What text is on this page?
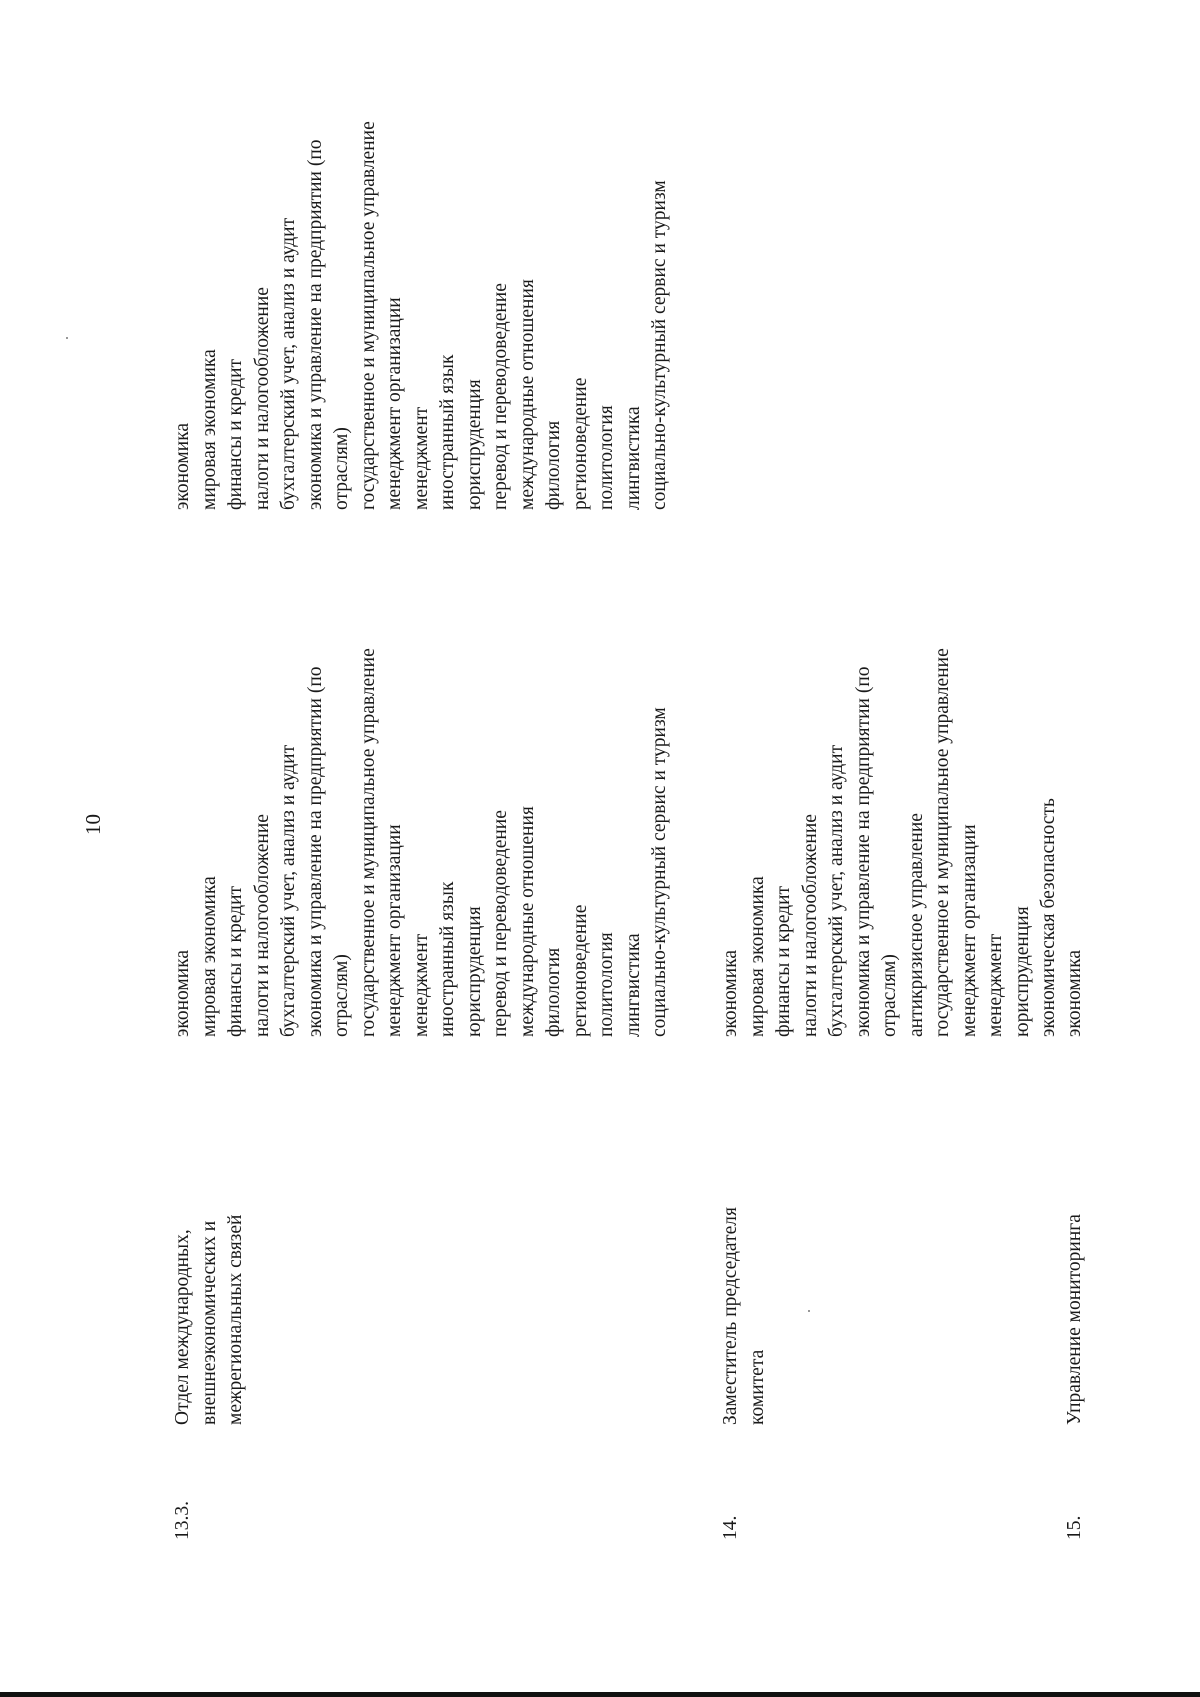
10
13.3.
Отдел международных, внешнеэкономических и межрегиональных связей
экономика мировая экономика финансы и кредит налоги и налогообложение бухгалтерский учет, анализ и аудит экономика и управление на предприятии (по отраслям) государственное и муниципальное управление менеджмент организации менеджмент иностранный язык юриспруденция перевод и переводоведение международные отношения филология регионоведение политология лингвистика социально-культурный сервис и туризм
экономика мировая экономика финансы и кредит налоги и налогообложение бухгалтерский учет, анализ и аудит экономика и управление на предприятии (по отраслям) государственное и муниципальное управление менеджмент организации менеджмент иностранный язык юриспруденция перевод и переводоведение международные отношения филология регионоведение политология лингвистика социально-культурный сервис и туризм
14.
Заместитель председателя комитета
экономика мировая экономика финансы и кредит налоги и налогообложение бухгалтерский учет, анализ и аудит экономика и управление на предприятии (по отраслям) антикризисное управление государственное и муниципальное управление менеджмент организации менеджмент юриспруденция экономическая безопасность
15.
Управление мониторинга
экономика
